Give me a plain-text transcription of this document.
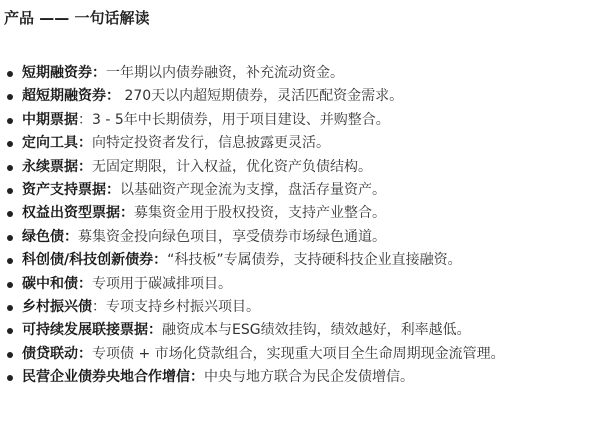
产品 —— 一句话解读
短期融资券：一年期以内债券融资，补充流动资金。
超短期融资券： 270天以内超短期债券，灵活匹配资金需求。
中期票据：3 - 5年中长期债券，用于项目建设、并购整合。
定向工具：向特定投资者发行，信息披露更灵活。
永续票据：无固定期限，计入权益，优化资产负债结构。
资产支持票据：以基础资产现金流为支撑，盘活存量资产。
权益出资型票据：募集资金用于股权投资，支持产业整合。
绿色债：募集资金投向绿色项目，享受债券市场绿色通道。
科创债/科技创新债券：“科技板”专属债券，支持硬科技企业直接融资。
碳中和债：专项用于碳减排项目。
乡村振兴债：专项支持乡村振兴项目。
可持续发展联接票据：融资成本与ESG绩效挂钩，绩效越好，利率越低。
债贷联动：专项债 + 市场化贷款组合，实现重大项目全生命周期现金流管理。
民营企业债券央地合作增信：中央与地方联合为民企发债增信。
